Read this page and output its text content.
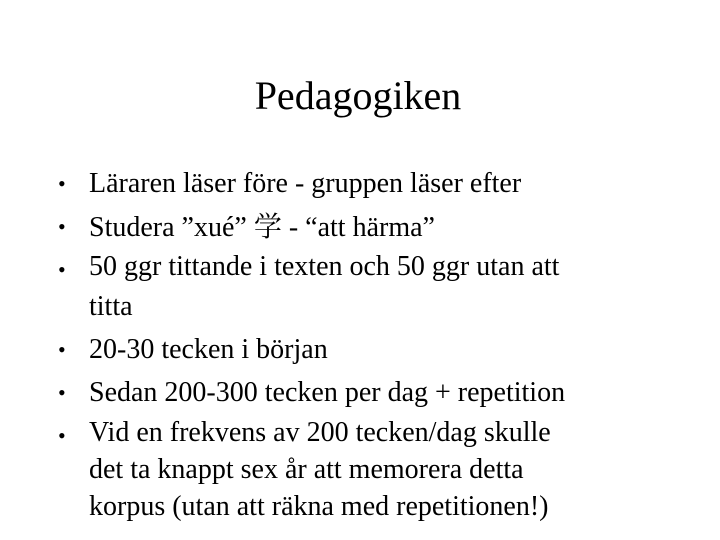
Pedagogiken
• Läraren läser före - gruppen läser efter
• Studera ”xué” 学 - “att härma”
• 50 ggr tittande i texten och 50 ggr utan att
titta
• 20-30 tecken i början
• Sedan 200-300 tecken per dag + repetition
• Vid en frekvens av 200 tecken/dag skulle
det ta knappt sex år att memorera detta
korpus (utan att räkna med repetitionen!)
